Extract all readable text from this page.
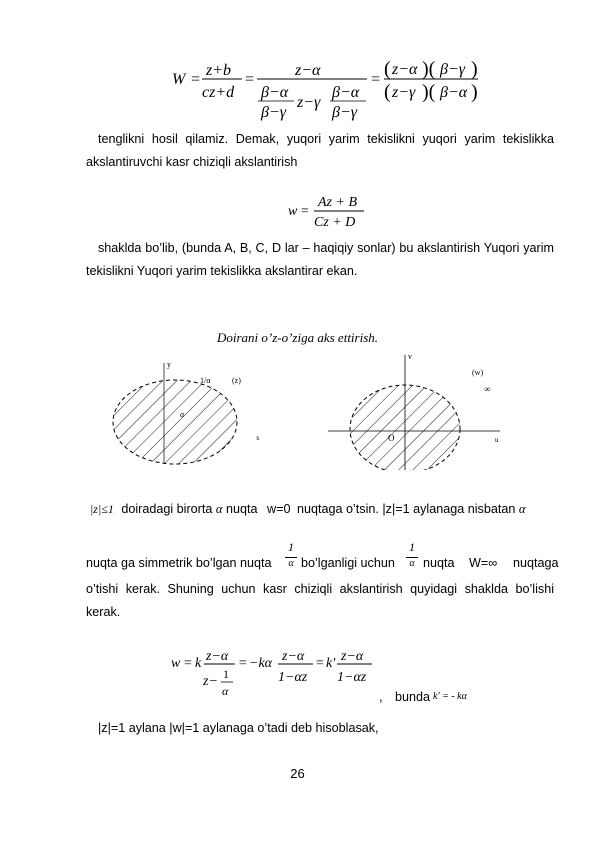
W =
z+b
cz+d
=
z−α
β−α
β−γ
z−γ
β−α
β−γ
= ( z−α )( β−γ )
( z−γ )( β−α )
tenglikni hosil qilamiz. Demak, yuqori yarim tekislikni yuqori yarim tekislikka akslantiruvchi kasr chiziqli akslantirish
w =
Az + B
Cz + D
shaklda bo’lib, (bunda A, B, C, D lar – haqiqiy sonlar) bu akslantirish Yuqori yarim tekislikni Yuqori yarim tekislikka akslantirar ekan.
Doirani o’z-o’ziga aks ettirish.
y
1/α	(z)
α
x
v
(w)
∞
O	u
|z|≤1 doiradagi birorta α nuqta w=0 nuqtaga o’tsin. |z|=1 aylanaga nisbatan α
nuqta ga simmetrik bo’lgan nuqta
1
α bo’lganligi uchun
1
α nuqta W=∞ nuqtaga
o’tishi kerak. Shuning uchun kasr chiziqli akslantirish quyidagi shaklda bo’lishi kerak.
w = k z−α
z− 1
α
= −kα z−α
1−αz
= k' z−α
1−αz
, bunda k' = - kα
|z|=1 aylana |w|=1 aylanaga o’tadi deb hisoblasak,
26
